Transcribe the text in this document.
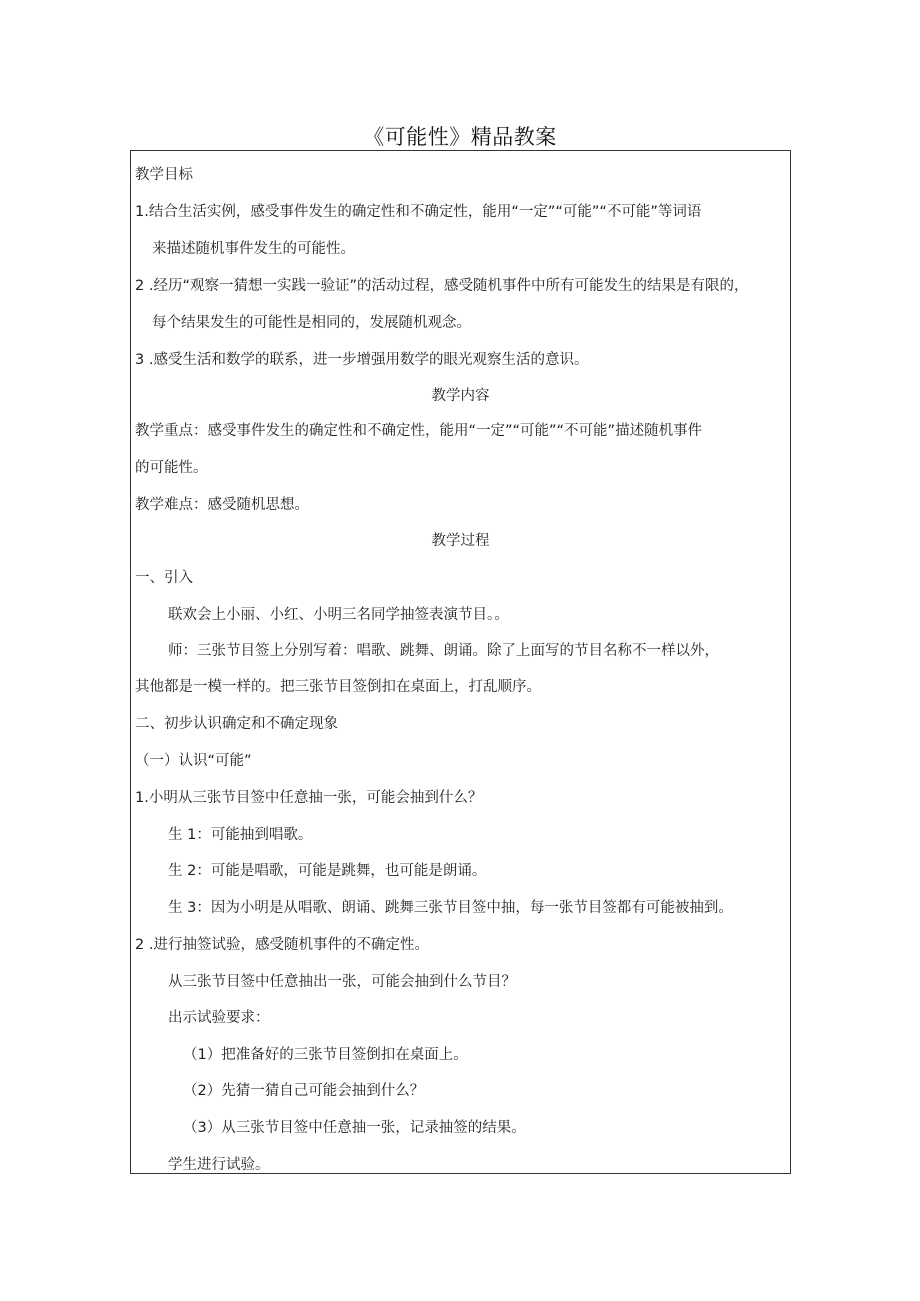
《可能性》精品教案
教学目标
1.结合生活实例，感受事件发生的确定性和不确定性，能用“一定”“可能”“不可能”等词语
来描述随机事件发生的可能性。
2 .经历“观察一猜想一实践一验证”的活动过程，感受随机事件中所有可能发生的结果是有限的，
每个结果发生的可能性是相同的，发展随机观念。
3 .感受生活和数学的联系，进一步增强用数学的眼光观察生活的意识。
教学内容
教学重点：感受事件发生的确定性和不确定性，能用“一定”“可能”“不可能”描述随机事件
的可能性。
教学难点：感受随机思想。
教学过程
一、引入
联欢会上小丽、小红、小明三名同学抽签表演节目。。
师：三张节目签上分别写着：唱歌、跳舞、朗诵。除了上面写的节目名称不一样以外，
其他都是一模一样的。把三张节目签倒扣在桌面上，打乱顺序。
二、初步认识确定和不确定现象
（一）认识“可能”
1.小明从三张节目签中任意抽一张，可能会抽到什么？
生 1：可能抽到唱歌。
生 2：可能是唱歌，可能是跳舞，也可能是朗诵。
生 3：因为小明是从唱歌、朗诵、跳舞三张节目签中抽，每一张节目签都有可能被抽到。
2 .进行抽签试验，感受随机事件的不确定性。
从三张节目签中任意抽出一张，可能会抽到什么节目？
出示试验要求：
（1）把准备好的三张节目签倒扣在桌面上。
（2）先猜一猜自己可能会抽到什么？
（3）从三张节目签中任意抽一张，记录抽签的结果。
学生进行试验。
